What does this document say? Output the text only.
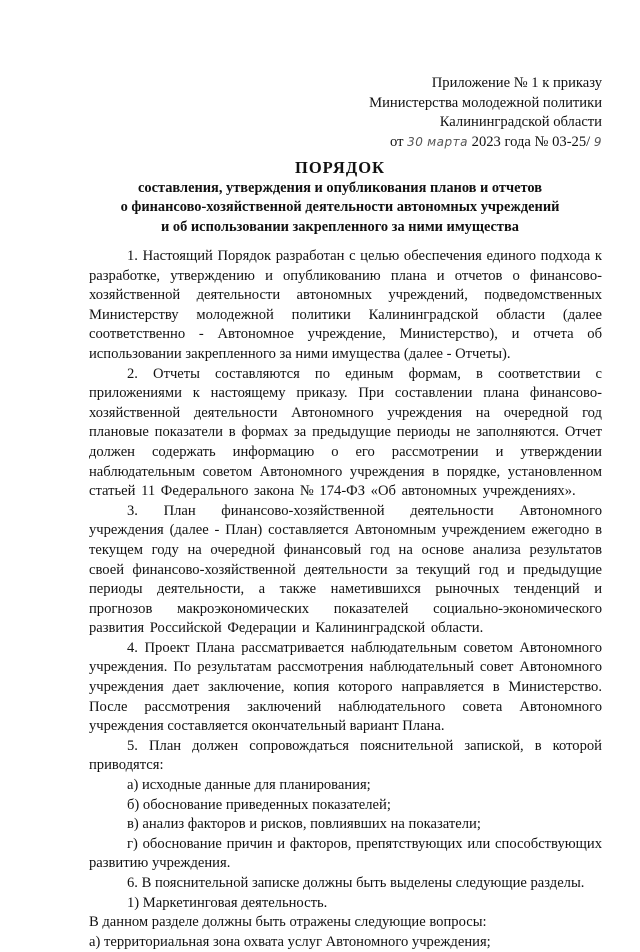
Приложение № 1 к приказу
Министерства молодежной политики
Калининградской области
от 30 марта 2023 года № 03-25/ 9
ПОРЯДОК
составления, утверждения и опубликования планов и отчетов
о финансово-хозяйственной деятельности автономных учреждений
и об использовании закрепленного за ними имущества

1. Настоящий Порядок разработан с целью обеспечения единого подхода к разработке, утверждению и опубликованию плана и отчетов о финансово-хозяйственной деятельности автономных учреждений, подведомственных Министерству молодежной политики Калининградской области (далее соответственно - Автономное учреждение, Министерство), и отчета об использовании закрепленного за ними имущества (далее - Отчеты).

2. Отчеты составляются по единым формам, в соответствии с приложениями к настоящему приказу. При составлении плана финансово-хозяйственной деятельности Автономного учреждения на очередной год плановые показатели в формах за предыдущие периоды не заполняются. Отчет должен содержать информацию о его рассмотрении и утверждении наблюдательным советом Автономного учреждения в порядке, установленном статьей 11 Федерального закона № 174-ФЗ «Об автономных учреждениях».

3. План финансово-хозяйственной деятельности Автономного учреждения (далее - План) составляется Автономным учреждением ежегодно в текущем году на очередной финансовый год на основе анализа результатов своей финансово-хозяйственной деятельности за текущий год и предыдущие периоды деятельности, а также наметившихся рыночных тенденций и прогнозов макроэкономических показателей социально-экономического развития Российской Федерации и Калининградской области.

4. Проект Плана рассматривается наблюдательным советом Автономного учреждения. По результатам рассмотрения наблюдательный совет Автономного учреждения дает заключение, копия которого направляется в Министерство. После рассмотрения заключений наблюдательного совета Автономного учреждения составляется окончательный вариант Плана.

5. План должен сопровождаться пояснительной запиской, в которой приводятся:

а) исходные данные для планирования;

б) обоснование приведенных показателей;

в) анализ факторов и рисков, повлиявших на показатели;

г) обоснование причин и факторов, препятствующих или способствующих развитию учреждения.

6. В пояснительной записке должны быть выделены следующие разделы.

1) Маркетинговая деятельность.

В данном разделе должны быть отражены следующие вопросы:

а) территориальная зона охвата услуг Автономного учреждения;
